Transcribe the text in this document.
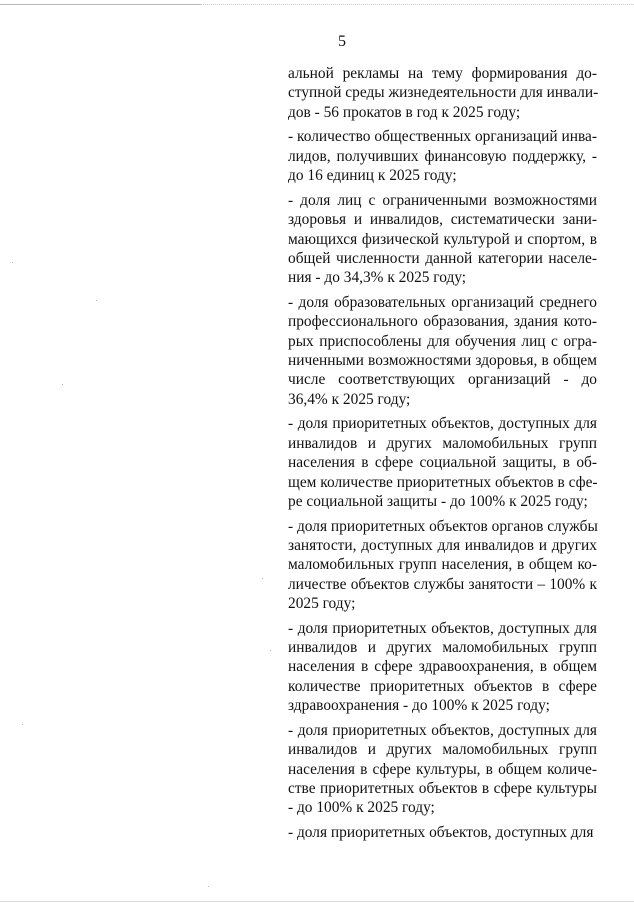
5
альной рекламы на тему формирования до-
ступной среды жизнедеятельности для инвали-
дов - 56 прокатов в год к 2025 году;
- количество общественных организаций инва-
лидов, получивших финансовую поддержку, -
до 16 единиц к 2025 году;
- доля лиц с ограниченными возможностями
здоровья и инвалидов, систематически зани-
мающихся физической культурой и спортом, в
общей численности данной категории населе-
ния - до 34,3% к 2025 году;
- доля образовательных организаций среднего
профессионального образования, здания кото-
рых приспособлены для обучения лиц с огра-
ниченными возможностями здоровья, в общем
числе соответствующих организаций - до
36,4% к 2025 году;
- доля приоритетных объектов, доступных для
инвалидов и других маломобильных групп
населения в сфере социальной защиты, в об-
щем количестве приоритетных объектов в сфе-
ре социальной защиты - до 100% к 2025 году;
- доля приоритетных объектов органов службы
занятости, доступных для инвалидов и других
маломобильных групп населения, в общем ко-
личестве объектов службы занятости – 100% к
2025 году;
- доля приоритетных объектов, доступных для
инвалидов и других маломобильных групп
населения в сфере здравоохранения, в общем
количестве приоритетных объектов в сфере
здравоохранения - до 100% к 2025 году;
- доля приоритетных объектов, доступных для
инвалидов и других маломобильных групп
населения в сфере культуры, в общем количе-
стве приоритетных объектов в сфере культуры
- до 100% к 2025 году;
- доля приоритетных объектов, доступных для
